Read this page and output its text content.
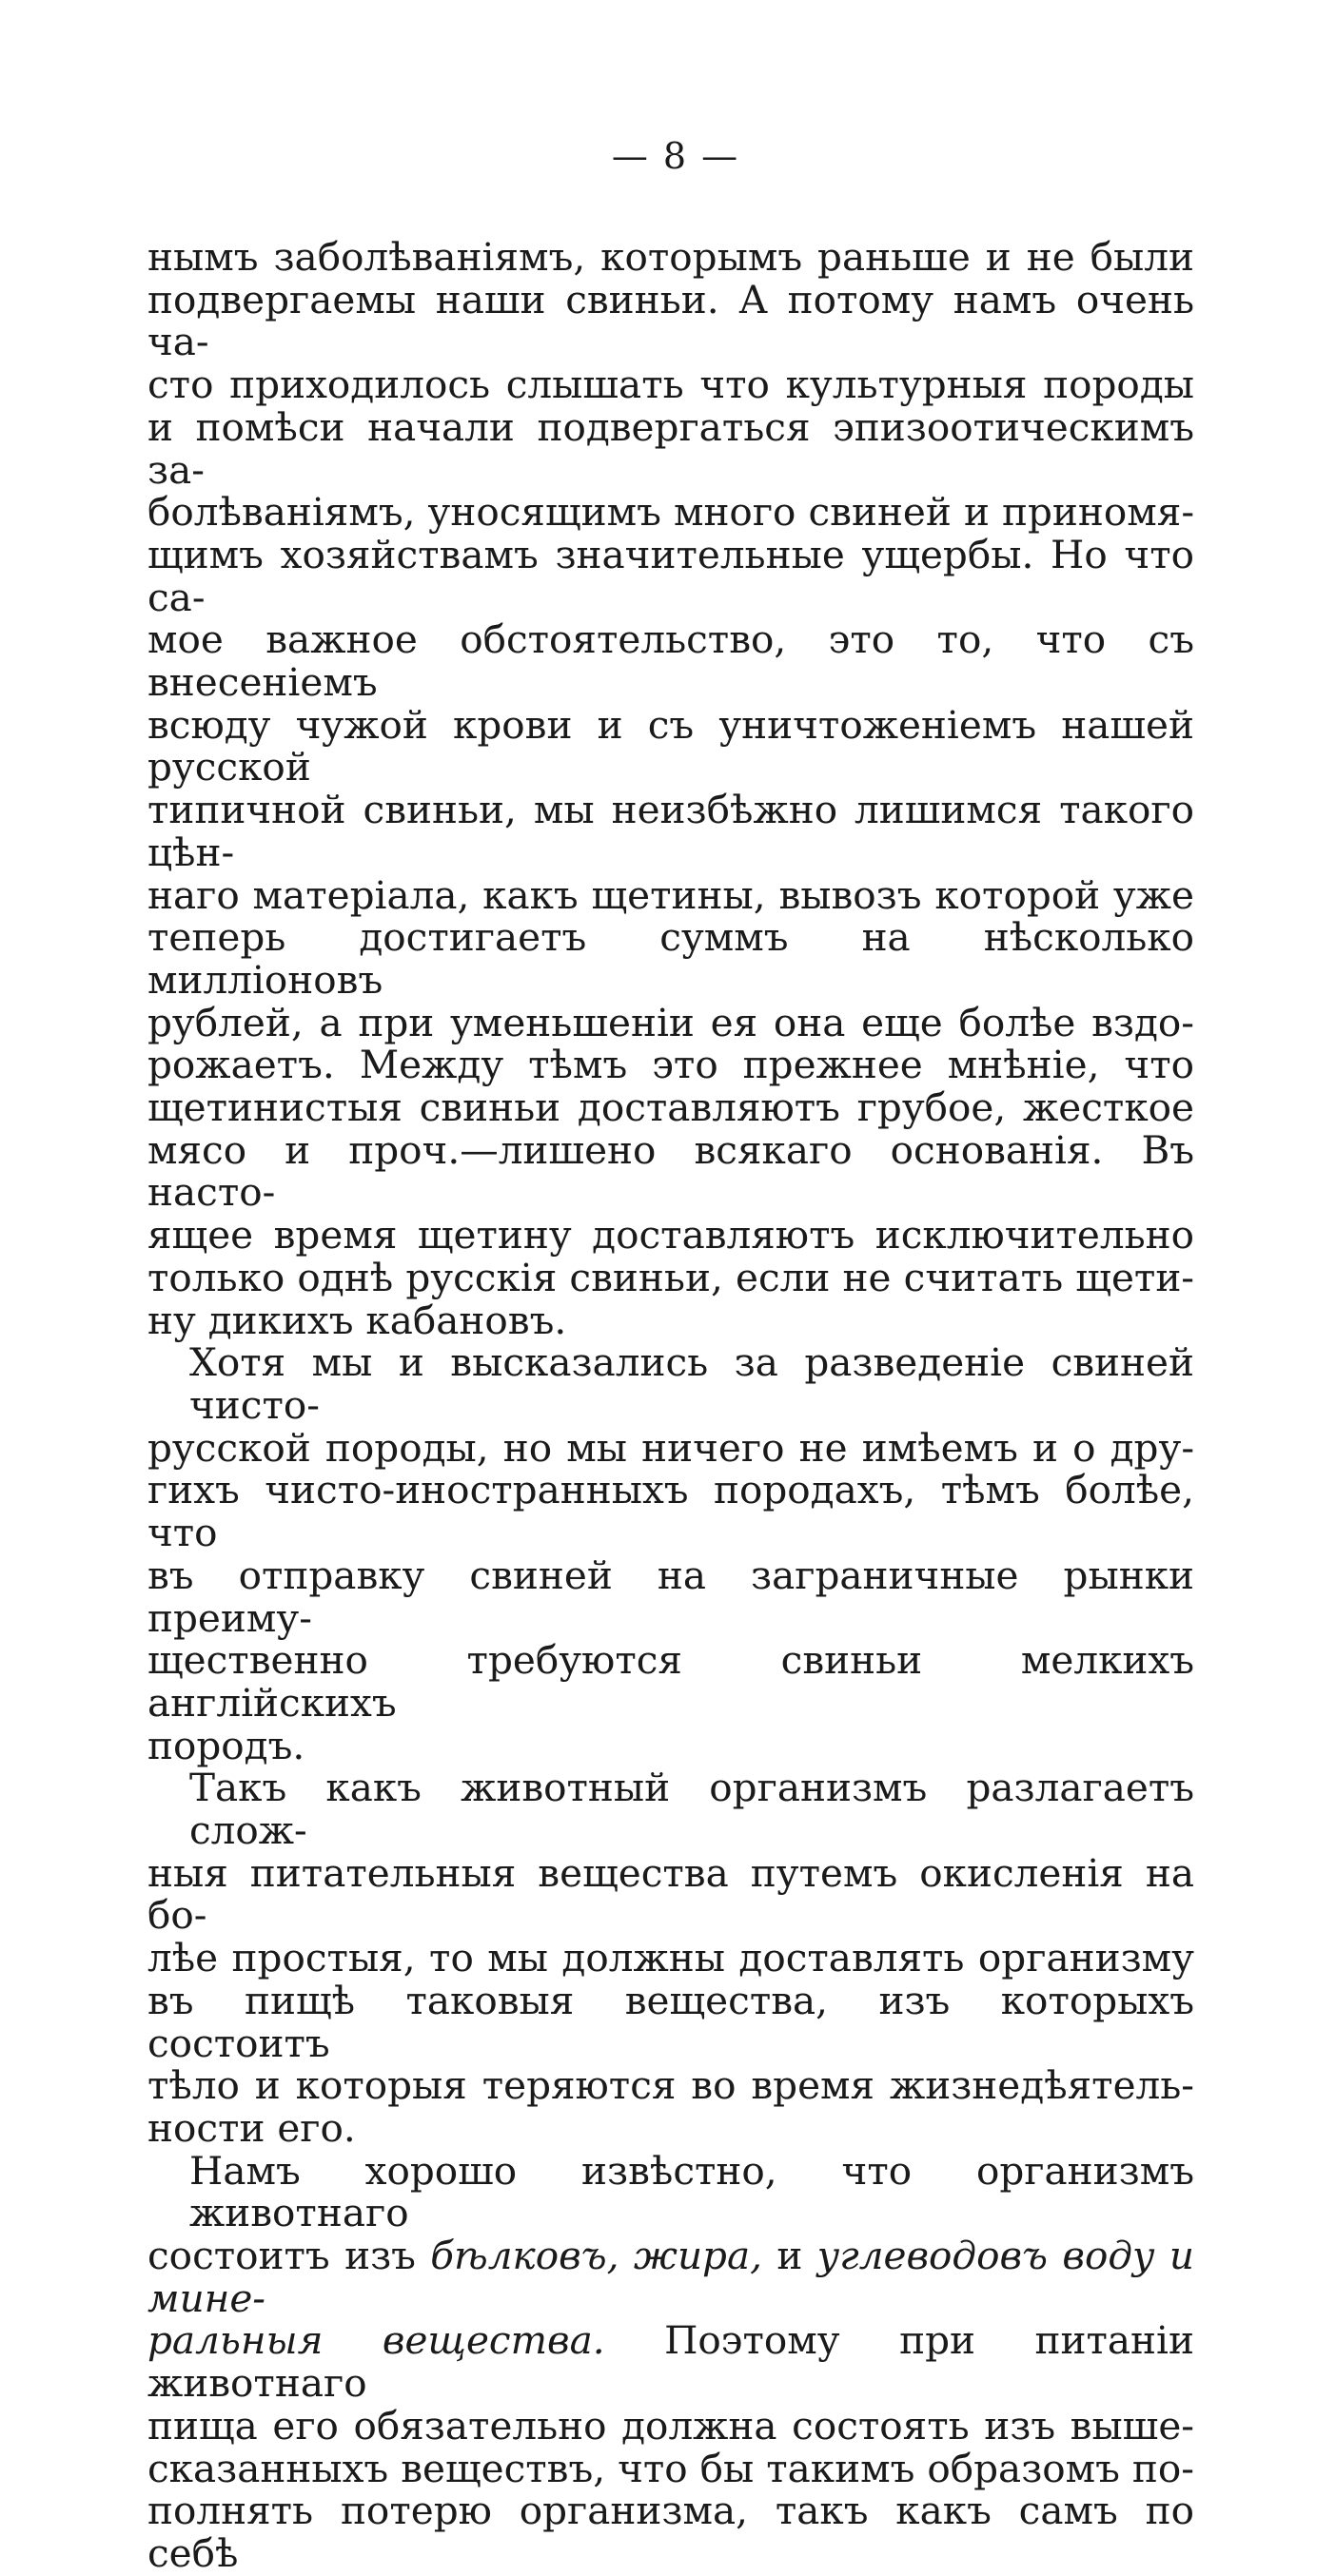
— 8 —

нымъ заболѣваніямъ, которымъ раньше и не были

подвергаемы наши свиньи. А потому намъ очень ча-

сто приходилось слышать что культурныя породы

и помѣси начали подвергаться эпизоотическимъ за-

болѣваніямъ, уносящимъ много свиней и приномя-

щимъ хозяйствамъ значительные ущербы. Но что са-

мое важное обстоятельство, это то, что съ внесеніемъ

всюду чужой крови и съ уничтоженіемъ нашей русской

типичной свиньи, мы неизбѣжно лишимся такого цѣн-

наго матеріала, какъ щетины, вывозъ которой уже

теперь достигаетъ суммъ на нѣсколько милліоновъ

рублей, а при уменьшеніи ея она еще болѣе вздо-

рожаетъ. Между тѣмъ это прежнее мнѣніе, что

щетинистыя свиньи доставляютъ грубое, жесткое

мясо и проч.—лишено всякаго основанія. Въ насто-

ящее время щетину доставляютъ исключительно

только однѣ русскія свиньи, если не считать щети-

ну дикихъ кабановъ.

Хотя мы и высказались за разведеніе свиней чисто-

русской породы, но мы ничего не имѣемъ и о дру-

гихъ чисто-иностранныхъ породахъ, тѣмъ болѣе, что

въ отправку свиней на заграничные рынки преиму-

щественно требуются свиньи мелкихъ англійскихъ

породъ.

Такъ какъ животный организмъ разлагаетъ слож-

ныя питательныя вещества путемъ окисленія на бо-

лѣе простыя, то мы должны доставлять организму

въ пищѣ таковыя вещества, изъ которыхъ состоитъ

тѣло и которыя теряются во время жизнедѣятель-

ности его.

Намъ хорошо извѣстно, что организмъ животнаго

состоитъ изъ бѣлковъ, жира, и углеводовъ воду и мине-

ральныя вещества. Поэтому при питаніи животнаго

пища его обязательно должна состоять изъ выше-

сказанныхъ веществъ, что бы такимъ образомъ по-

полнять потерю организма, такъ какъ самъ по себѣ
